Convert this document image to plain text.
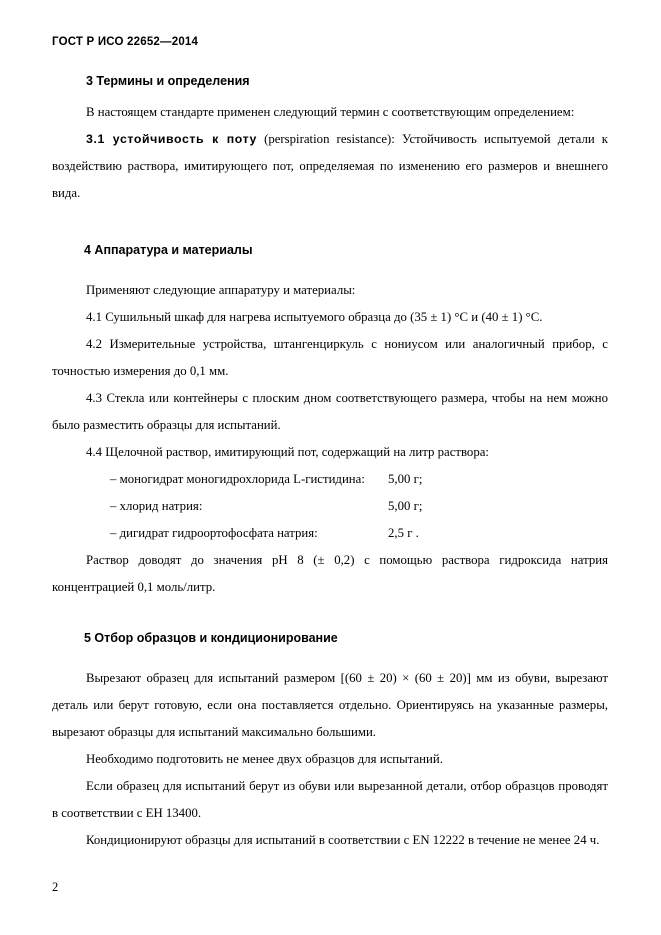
ГОСТ Р ИСО 22652—2014
3 Термины и определения

В настоящем стандарте применен следующий термин с соответствующим определением:

3.1 устойчивость к поту (perspiration resistance): Устойчивость испытуемой детали к воздействию раствора, имитирующего пот, определяемая по изменению его размеров и внешнего вида.

4 Аппаратура и материалы

Применяют следующие аппаратуру и материалы:

4.1 Сушильный шкаф для нагрева испытуемого образца до (35 ± 1) °C и (40 ± 1) °C.

4.2 Измерительные устройства, штангенциркуль с нониусом или аналогичный прибор, с точностью измерения до 0,1 мм.

4.3 Стекла или контейнеры с плоским дном соответствующего размера, чтобы на нем можно было разместить образцы для испытаний.

4.4 Щелочной раствор, имитирующий пот, содержащий на литр раствора:

– моногидрат моногидрохлорида L-гистидина:	5,00 г;
– хлорид натрия:	5,00 г;
– дигидрат гидроортофосфата натрия:	2,5 г .

Раствор доводят до значения pH 8 (± 0,2) с помощью раствора гидроксида натрия концентрацией 0,1 моль/литр.

5 Отбор образцов и кондиционирование

Вырезают образец для испытаний размером [(60 ± 20) × (60 ± 20)] мм из обуви, вырезают деталь или берут готовую, если она поставляется отдельно. Ориентируясь на указанные размеры, вырезают образцы для испытаний максимально большими.

Необходимо подготовить не менее двух образцов для испытаний.

Если образец для испытаний берут из обуви или вырезанной детали, отбор образцов проводят в соответствии с ЕН 13400.

Кондиционируют образцы для испытаний в соответствии с EN 12222 в течение не менее 24 ч.

2
